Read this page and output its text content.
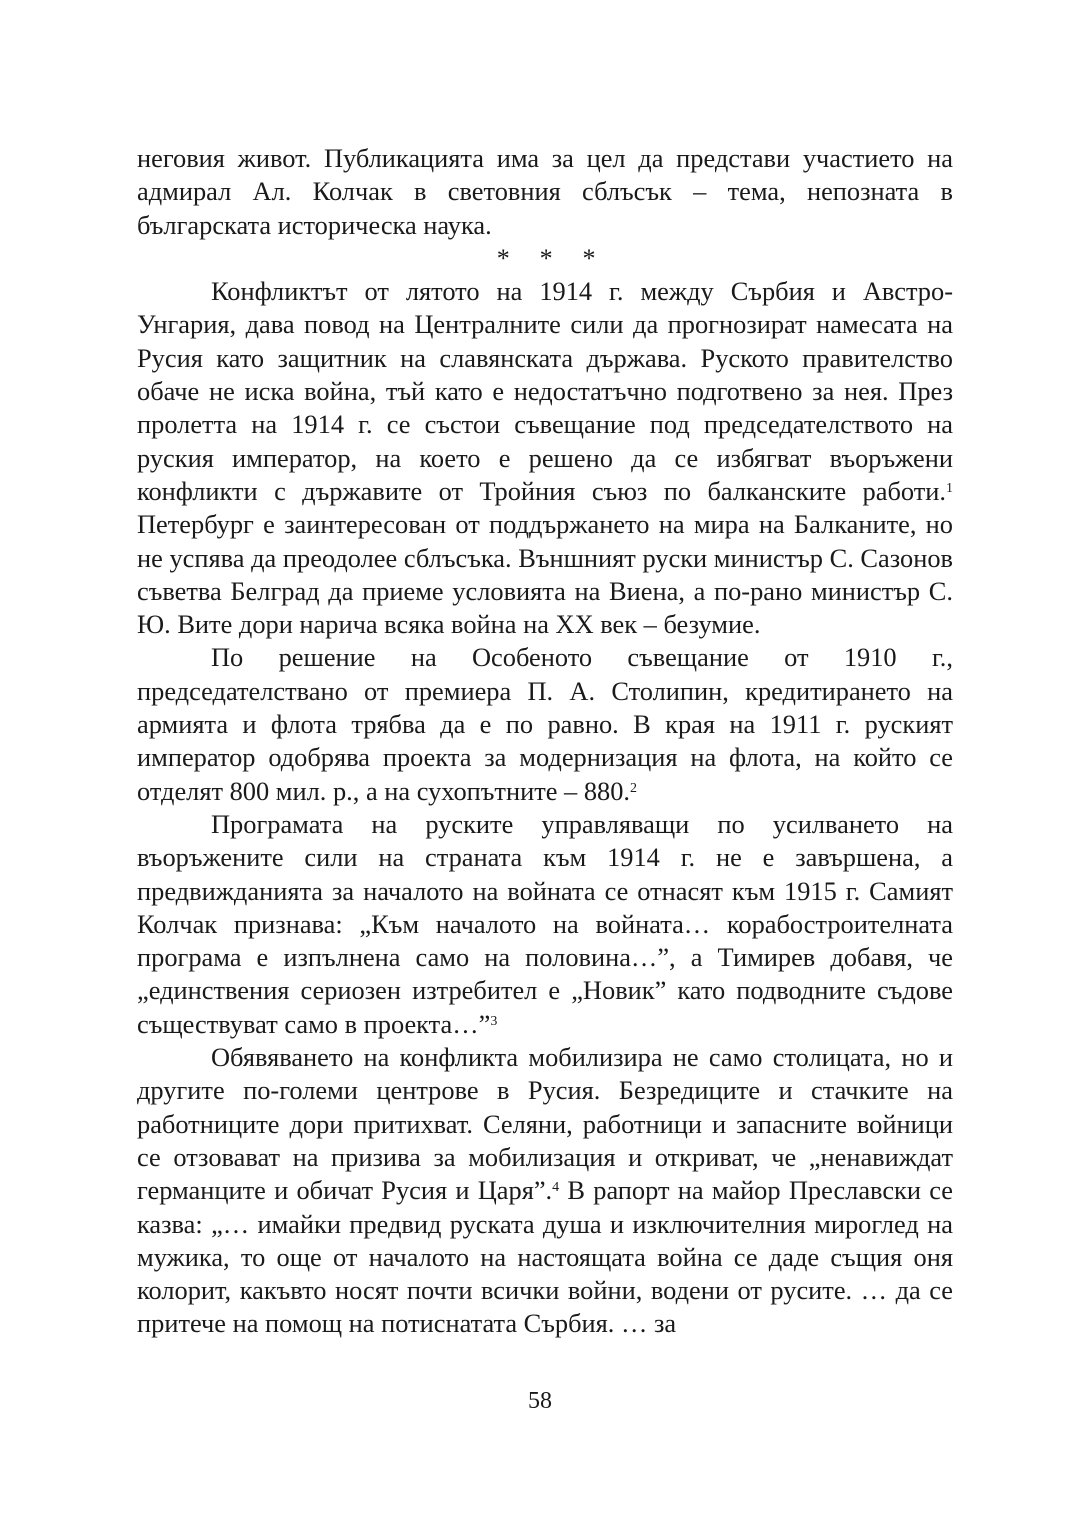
неговия живот. Публикацията има за цел да представи участието на адмирал Ал. Колчак в световния сблъсък – тема, непозната в българската историческа наука.

* * *

Конфликтът от лятото на 1914 г. между Сърбия и Австро-Унгария, дава повод на Централните сили да прогнозират намесата на Русия като защитник на славянската държава. Руското правителство обаче не иска война, тъй като е недостатъчно подготвено за нея. През пролетта на 1914 г. се състои съвещание под председателството на руския император, на което е решено да се избягват въоръжени конфликти с държавите от Тройния съюз по балканските работи.$^1$ Петербург е заинтересован от поддържането на мира на Балканите, но не успява да преодолее сблъсъка. Външният руски министър С. Сазонов съветва Белград да приеме условията на Виена, а по-рано министър С. Ю. Вите дори нарича всяка война на XX век – безумие.

По решение на Особеното съвещание от 1910 г., председателствано от премиера П. А. Столипин, кредитирането на армията и флота трябва да е по равно. В края на 1911 г. руският император одобрява проекта за модернизация на флота, на който се отделят 800 мил. р., а на сухопътните – 880.$^2$

Програмата на руските управляващи по усилването на въоръжените сили на страната към 1914 г. не е завършена, а предвижданията за началото на войната се отнасят към 1915 г. Самият Колчак признава: „Към началото на войната… корабостроителната програма е изпълнена само на половина…”, а Тимирев добавя, че „единствения сериозен изтребител е „Новик” като подводните съдове съществуват само в проекта…”$^3$

Обявяването на конфликта мобилизира не само столицата, но и другите по-големи центрове в Русия. Безредиците и стачките на работниците дори притихват. Селяни, работници и запасните войници се отзовават на призива за мобилизация и откриват, че „ненавиждат германците и обичат Русия и Царя”.$^4$ В рапорт на майор Преславски се казва: „… имайки предвид руската душа и изключителния мироглед на мужика, то още от началото на настоящата война се даде същия оня колорит, какъвто носят почти всички войни, водени от русите. … да се притече на помощ на потиснатата Сърбия. … за

58
